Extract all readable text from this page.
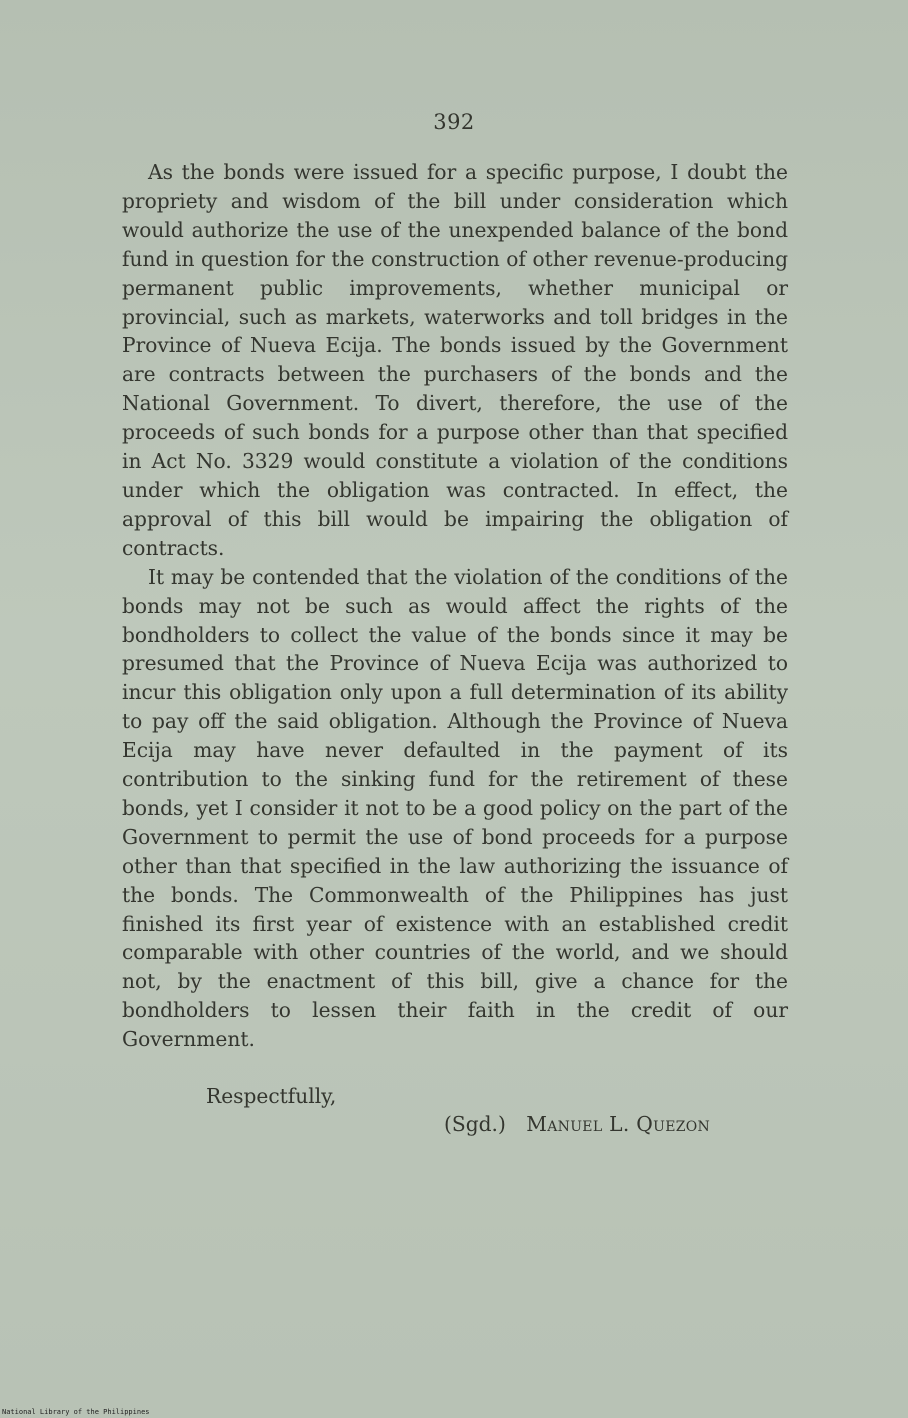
392

As the bonds were issued for a specific purpose, I doubt the propriety and wisdom of the bill under consideration which would authorize the use of the unexpended balance of the bond fund in question for the construction of other revenue-producing permanent public improvements, whether municipal or provincial, such as markets, waterworks and toll bridges in the Province of Nueva Ecija. The bonds issued by the Government are contracts between the purchasers of the bonds and the National Government. To divert, therefore, the use of the proceeds of such bonds for a purpose other than that specified in Act No. 3329 would constitute a violation of the conditions under which the obligation was contracted. In effect, the approval of this bill would be impairing the obligation of contracts.

It may be contended that the violation of the conditions of the bonds may not be such as would affect the rights of the bondholders to collect the value of the bonds since it may be presumed that the Province of Nueva Ecija was authorized to incur this obligation only upon a full determination of its ability to pay off the said obligation. Although the Province of Nueva Ecija may have never defaulted in the payment of its contribution to the sinking fund for the retirement of these bonds, yet I consider it not to be a good policy on the part of the Government to permit the use of bond proceeds for a purpose other than that specified in the law authorizing the issuance of the bonds. The Commonwealth of the Philippines has just finished its first year of existence with an established credit comparable with other countries of the world, and we should not, by the enactment of this bill, give a chance for the bondholders to lessen their faith in the credit of our Government.

Respectfully,
(Sgd.) Manuel L. Quezon
National Library of the Philippines
